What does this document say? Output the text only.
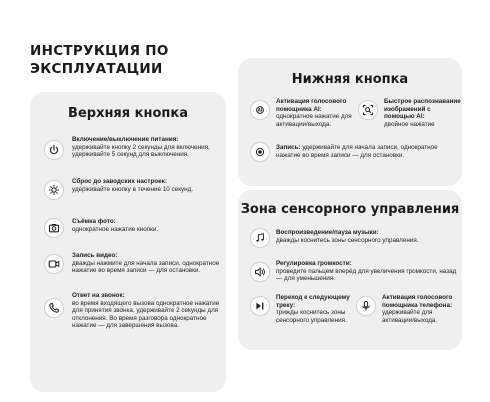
ИНСТРУКЦИЯ ПО
ЭКСПЛУАТАЦИИ
Верхняя кнопка
Включение/выключение питания:
удерживайте кнопку 2 секунды для включения, удерживайте 5 секунд для выключения.
Сброс до заводских настроек:
удерживайте кнопку в течение 10 секунд.
Съёмка фото:
однократное нажатие кнопки.
Запись видео:
дважды нажмите для начала записи, однократное нажатие во время записи — для остановки.
Ответ на звонок:
во время входящего вызова однократное нажатие для принятия звонка, удерживайте 2 секунды для отклонения. Во время разговора однократное нажатие — для завершения вызова.
Нижняя кнопка
AI
Активация голосового помощника AI:
однократное нажатие для активации/выхода.
Быстрое распознавание изображений с помощью AI:
двойное нажатие
Запись: удерживайте для начала записи, однократное нажатие во время записи — для остановки.
Зона сенсорного управления
Воспроизведение/пауза музыки:
дважды коснитесь зоны сенсорного управления.
Регулировка громкости:
проведите пальцем вперёд для увеличения громкости, назад — для уменьшения.
Переход к следующему треку:
трижды коснитесь зоны сенсорного управления.
Активация голосового помощника телефона:
удерживайте для активации/выхода.
